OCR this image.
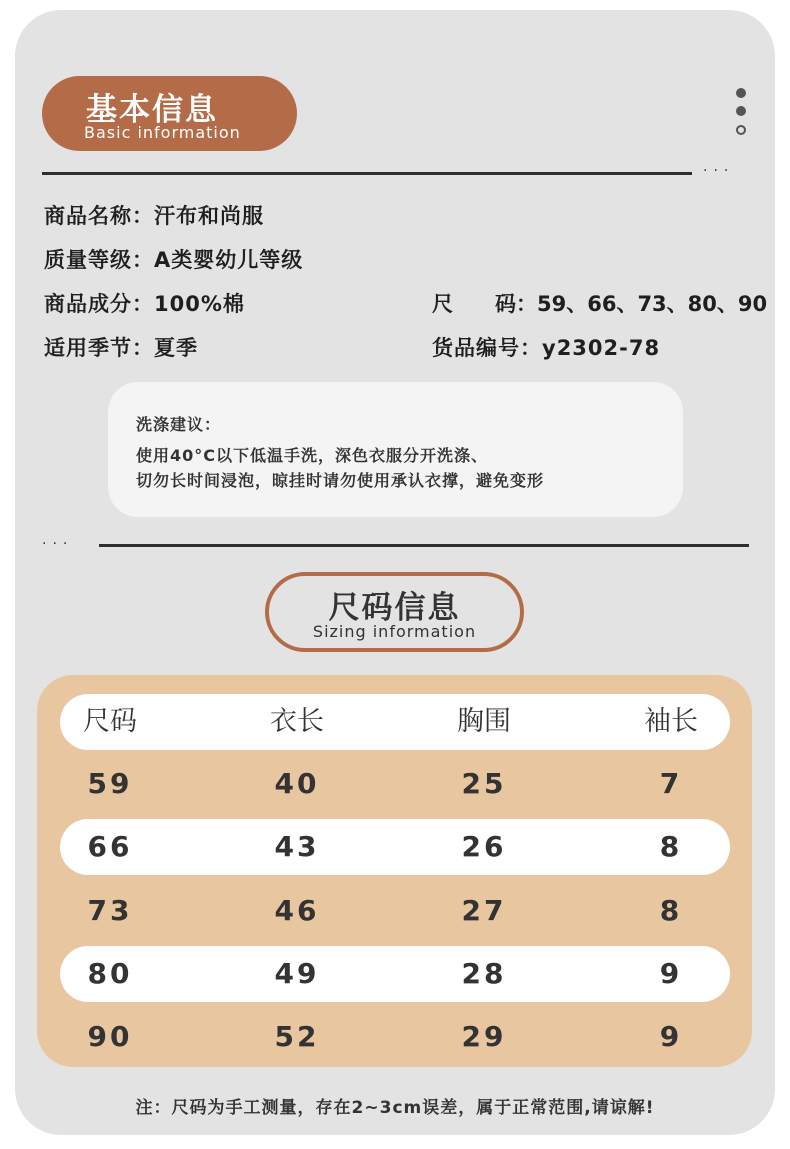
基本信息
Basic information
···
商品名称：汗布和尚服
质量等级：A类婴幼儿等级
商品成分：100%棉	尺　　码：59、66、73、80、90
适用季节：夏季	货品编号：y2302-78
洗涤建议：
使用40°C以下低温手洗，深色衣服分开洗涤、
切勿长时间浸泡，晾挂时请勿使用承认衣撑，避免变形
···
尺码信息
Sizing information
尺码	衣长	胸围	袖长
59	40	25	7
66	43	26	8
73	46	27	8
80	49	28	9
90	52	29	9
注：尺码为手工测量，存在2~3cm误差，属于正常范围,请谅解!
